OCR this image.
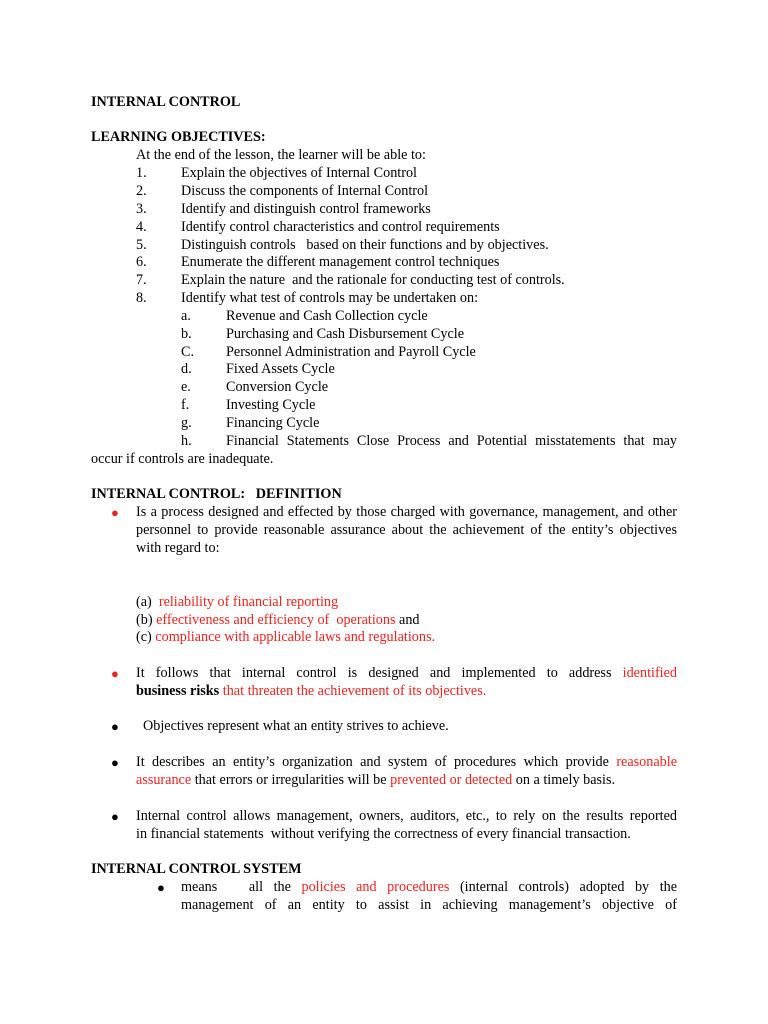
INTERNAL CONTROL
LEARNING OBJECTIVES:
At the end of the lesson, the learner will be able to:
1. Explain the objectives of Internal Control
2. Discuss the components of Internal Control
3. Identify and distinguish control frameworks
4. Identify control characteristics and control requirements
5. Distinguish controls   based on their functions and by objectives.
6. Enumerate the different management control techniques
7. Explain the nature  and the rationale for conducting test of controls.
8. Identify what test of controls may be undertaken on:
a. Revenue and Cash Collection cycle
b. Purchasing and Cash Disbursement Cycle
C. Personnel Administration and Payroll Cycle
d. Fixed Assets Cycle
e. Conversion Cycle
f.	Investing Cycle
g. Financing Cycle
h. Financial Statements Close Process and Potential misstatements that may
occur if controls are inadequate.
INTERNAL CONTROL:   DEFINITION
● Is a process designed and effected by those charged with governance, management, and other personnel to provide reasonable assurance about the achievement of the entity’s objectives with regard to:
(a) reliability of financial reporting
(b) effectiveness and efficiency of  operations and
(c) compliance with applicable laws and regulations.
● It follows that internal control is designed and implemented to address identified
business risks that threaten the achievement of its objectives.
● Objectives represent what an entity strives to achieve.
● It describes an entity’s organization and system of procedures which provide reasonable
assurance that errors or irregularities will be prevented or detected on a timely basis.
● Internal control allows management, owners, auditors, etc., to rely on the results reported
in financial statements  without verifying the correctness of every financial transaction.
INTERNAL CONTROL SYSTEM
● means   all the policies and procedures (internal controls) adopted by the
management of an entity to assist in achieving management’s objective of
